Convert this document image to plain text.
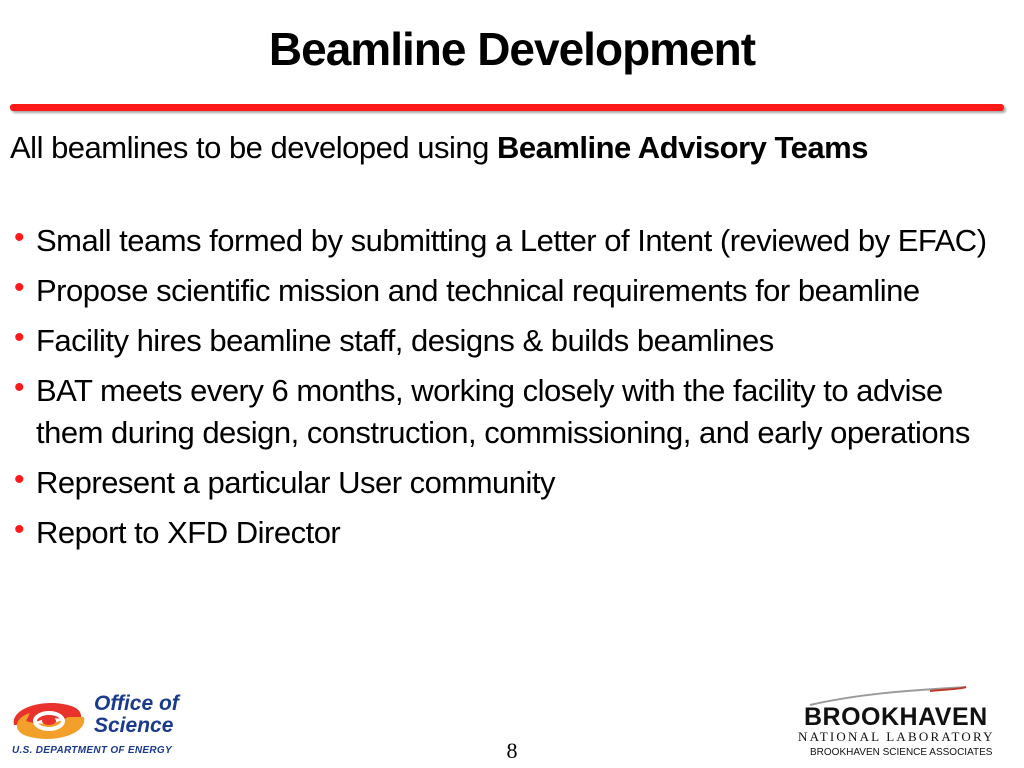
Beamline Development
All beamlines to be developed using Beamline Advisory Teams
• Small teams formed by submitting a Letter of Intent (reviewed by EFAC)
• Propose scientific mission and technical requirements for beamline
• Facility hires beamline staff, designs & builds beamlines
• BAT meets every 6 months, working closely with the facility to advise them during design, construction, commissioning, and early operations
• Represent a particular User community
• Report to XFD Director
Office of
Science
U.S. DEPARTMENT OF ENERGY	8
BROOKHAVEN
NATIONAL LABORATORY
BROOKHAVEN SCIENCE ASSOCIATES
